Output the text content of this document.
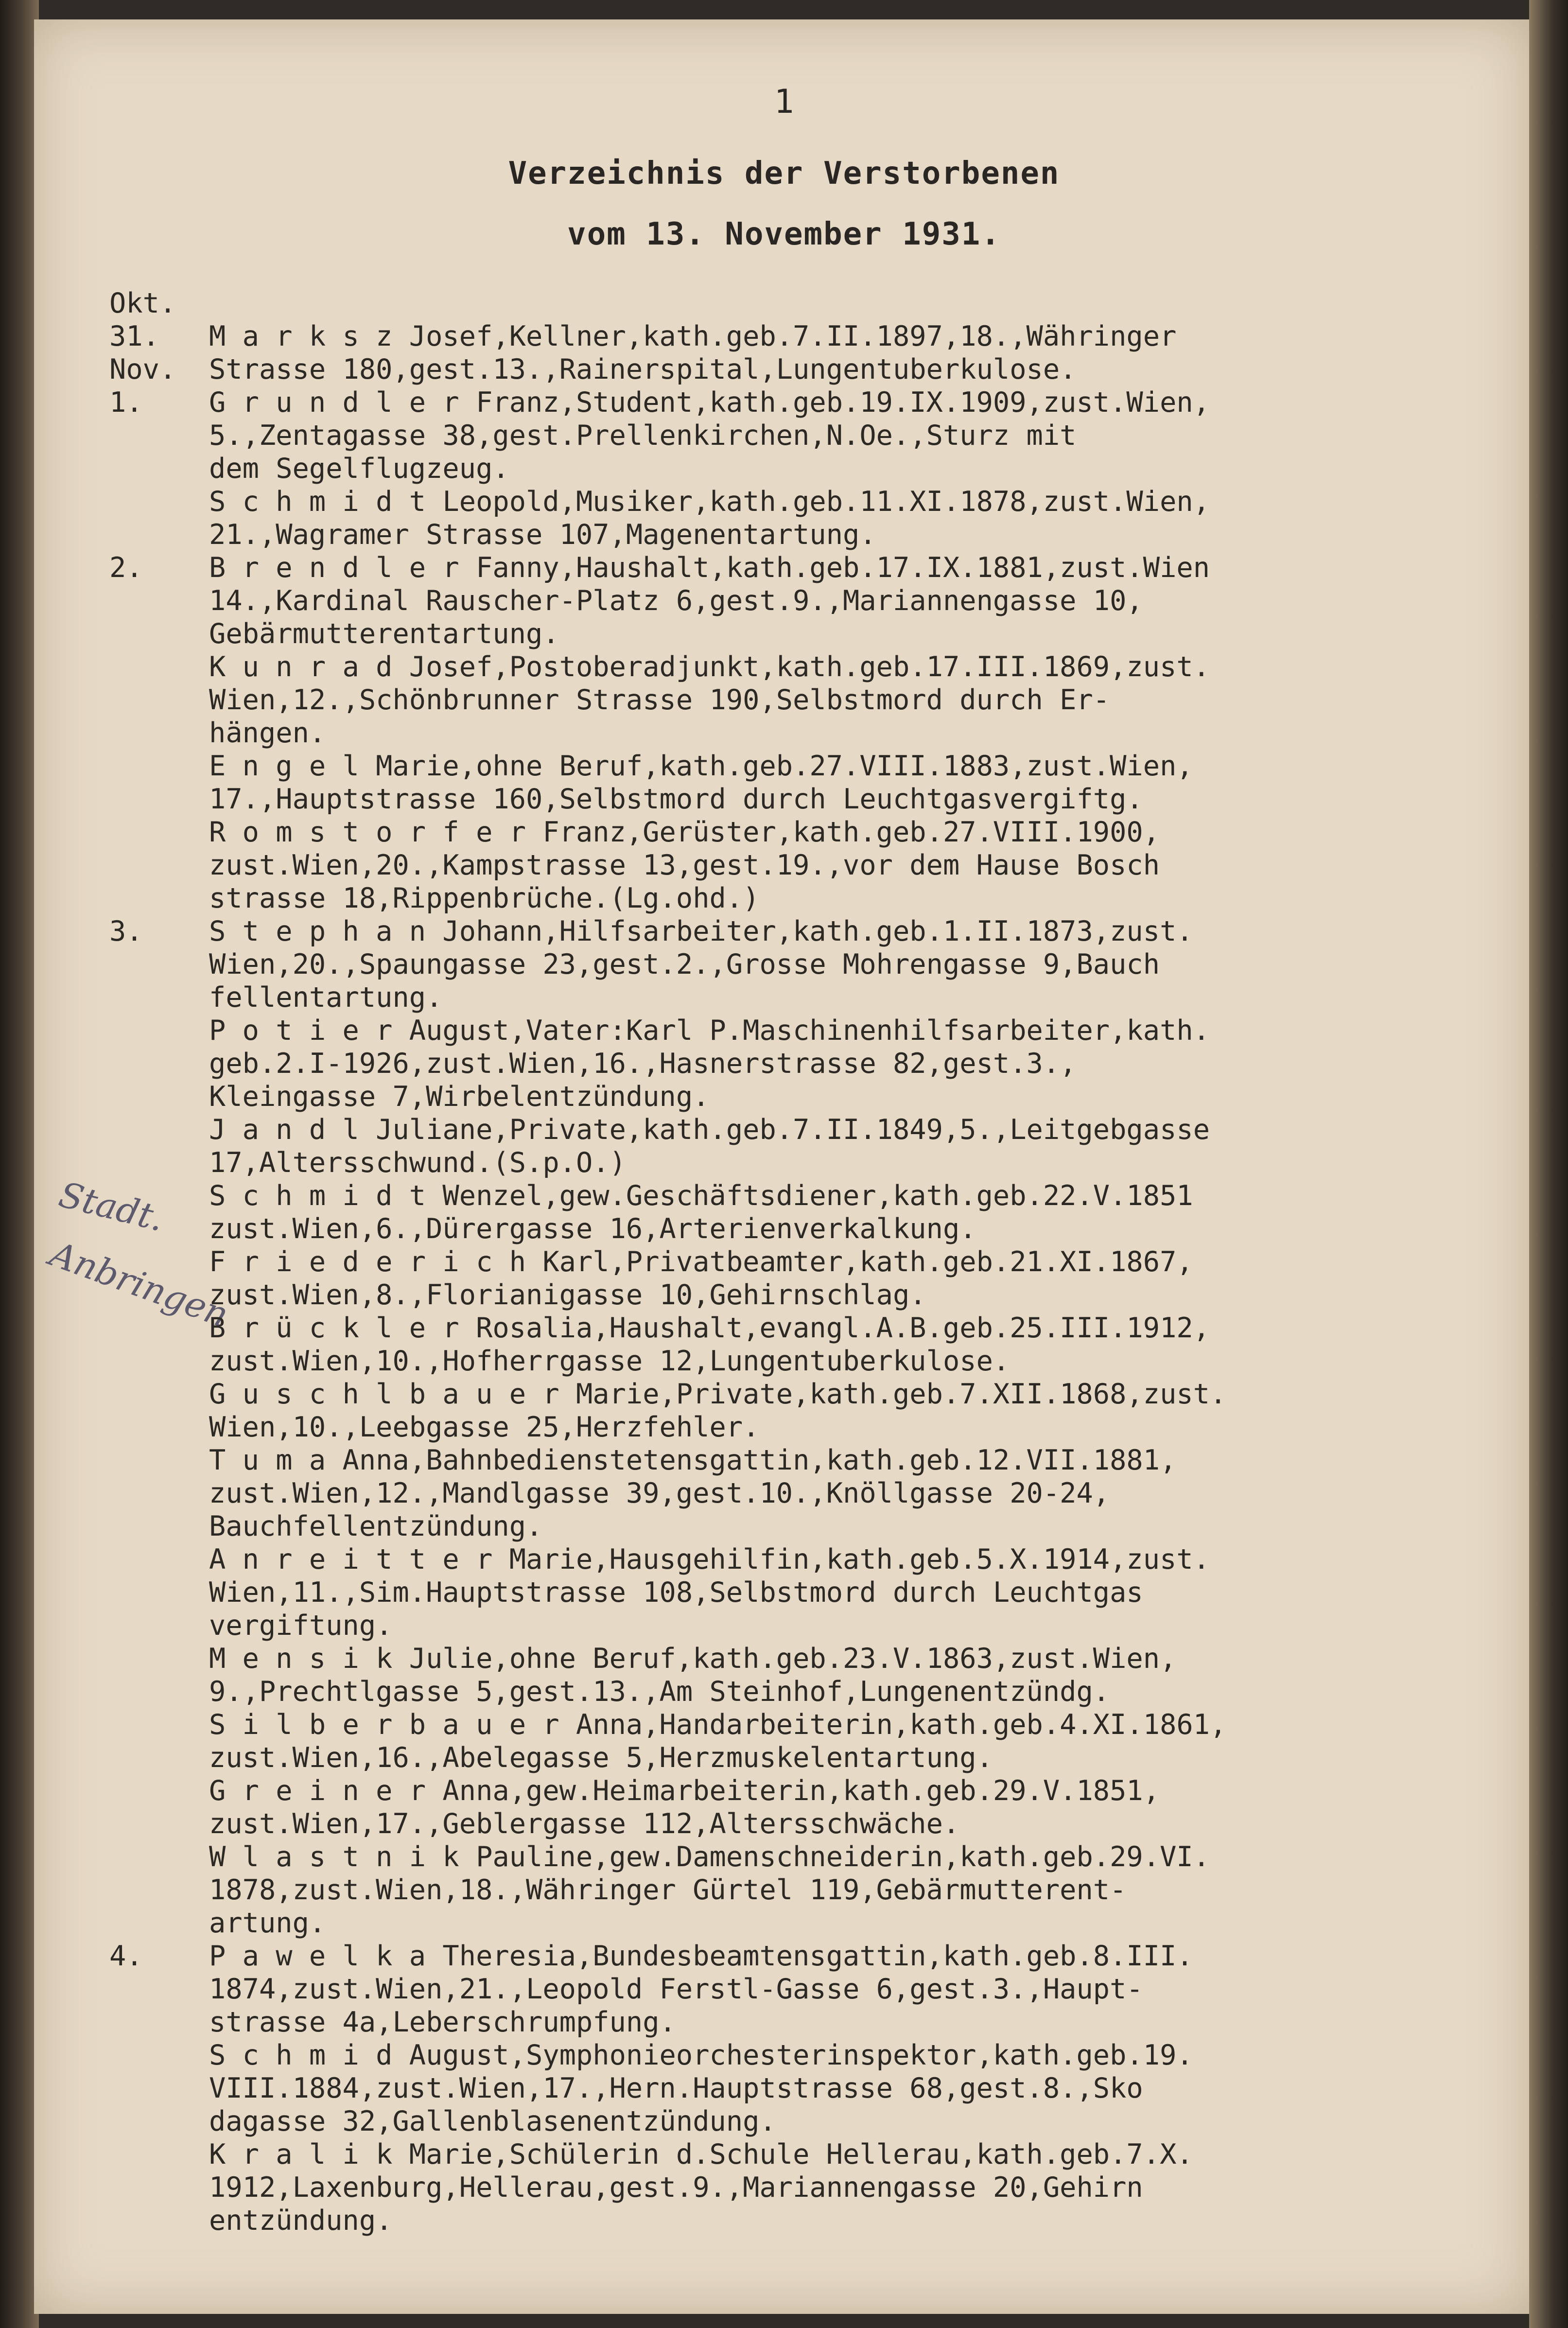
1
Verzeichnis der Verstorbenen
vom 13. November 1931.
Stadt.
Anbringen
Okt.
31. M a r k s z Josef,Kellner,kath.geb.7.II.1897,18.,Währinger
Nov. Strasse 180,gest.13.,Rainerspital,Lungentuberkulose.
1. G r u n d l e r Franz,Student,kath.geb.19.IX.1909,zust.Wien,
5.,Zentagasse 38,gest.Prellenkirchen,N.Oe.,Sturz mit
dem Segelflugzeug.
S c h m i d t Leopold,Musiker,kath.geb.11.XI.1878,zust.Wien,
21.,Wagramer Strasse 107,Magenentartung.
2. B r e n d l e r Fanny,Haushalt,kath.geb.17.IX.1881,zust.Wien
14.,Kardinal Rauscher-Platz 6,gest.9.,Mariannengasse 10,
Gebärmutterentartung.
K u n r a d Josef,Postoberadjunkt,kath.geb.17.III.1869,zust.
Wien,12.,Schönbrunner Strasse 190,Selbstmord durch Er-
hängen.
E n g e l Marie,ohne Beruf,kath.geb.27.VIII.1883,zust.Wien,
17.,Hauptstrasse 160,Selbstmord durch Leuchtgasvergiftg.
R o m s t o r f e r Franz,Gerüster,kath.geb.27.VIII.1900,
zust.Wien,20.,Kampstrasse 13,gest.19.,vor dem Hause Bosch
strasse 18,Rippenbrüche.(Lg.ohd.)
3. S t e p h a n Johann,Hilfsarbeiter,kath.geb.1.II.1873,zust.
Wien,20.,Spaungasse 23,gest.2.,Grosse Mohrengasse 9,Bauch
fellentartung.
P o t i e r August,Vater:Karl P.Maschinenhilfsarbeiter,kath.
geb.2.I-1926,zust.Wien,16.,Hasnerstrasse 82,gest.3.,
Kleingasse 7,Wirbelentzündung.
J a n d l Juliane,Private,kath.geb.7.II.1849,5.,Leitgebgasse
17,Altersschwund.(S.p.O.)
S c h m i d t Wenzel,gew.Geschäftsdiener,kath.geb.22.V.1851
zust.Wien,6.,Dürergasse 16,Arterienverkalkung.
F r i e d e r i c h Karl,Privatbeamter,kath.geb.21.XI.1867,
zust.Wien,8.,Florianigasse 10,Gehirnschlag.
B r ü c k l e r Rosalia,Haushalt,evangl.A.B.geb.25.III.1912,
zust.Wien,10.,Hofherrgasse 12,Lungentuberkulose.
G u s c h l b a u e r Marie,Private,kath.geb.7.XII.1868,zust.
Wien,10.,Leebgasse 25,Herzfehler.
T u m a Anna,Bahnbedienstetensgattin,kath.geb.12.VII.1881,
zust.Wien,12.,Mandlgasse 39,gest.10.,Knöllgasse 20-24,
Bauchfellentzündung.
A n r e i t t e r Marie,Hausgehilfin,kath.geb.5.X.1914,zust.
Wien,11.,Sim.Hauptstrasse 108,Selbstmord durch Leuchtgas
vergiftung.
M e n s i k Julie,ohne Beruf,kath.geb.23.V.1863,zust.Wien,
9.,Prechtlgasse 5,gest.13.,Am Steinhof,Lungenentzündg.
S i l b e r b a u e r Anna,Handarbeiterin,kath.geb.4.XI.1861,
zust.Wien,16.,Abelegasse 5,Herzmuskelentartung.
G r e i n e r Anna,gew.Heimarbeiterin,kath.geb.29.V.1851,
zust.Wien,17.,Geblergasse 112,Altersschwäche.
W l a s t n i k Pauline,gew.Damenschneiderin,kath.geb.29.VI.
1878,zust.Wien,18.,Währinger Gürtel 119,Gebärmutterent-
artung.
4. P a w e l k a Theresia,Bundesbeamtensgattin,kath.geb.8.III.
1874,zust.Wien,21.,Leopold Ferstl-Gasse 6,gest.3.,Haupt-
strasse 4a,Leberschrumpfung.
S c h m i d August,Symphonieorchesterinspektor,kath.geb.19.
VIII.1884,zust.Wien,17.,Hern.Hauptstrasse 68,gest.8.,Sko
dagasse 32,Gallenblasenentzündung.
K r a l i k Marie,Schülerin d.Schule Hellerau,kath.geb.7.X.
1912,Laxenburg,Hellerau,gest.9.,Mariannengasse 20,Gehirn
entzündung.
